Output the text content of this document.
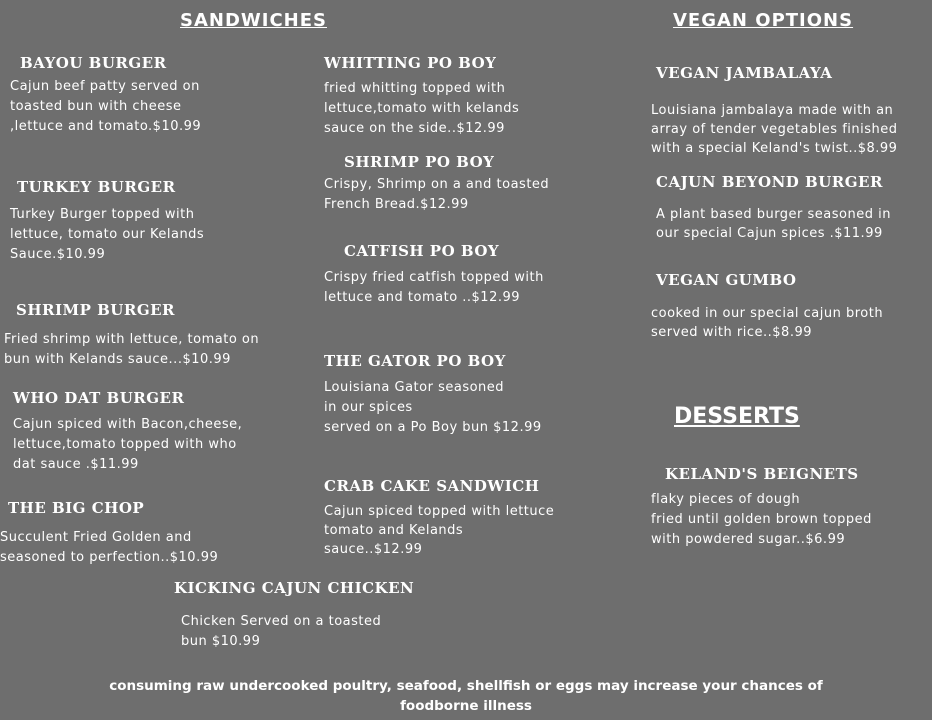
SANDWICHES	VEGAN OPTIONS
DESSERTS
BAYOU BURGER
Cajun beef patty served on
toasted bun with cheese
,lettuce and tomato.$10.99
TURKEY BURGER
Turkey Burger topped with
lettuce, tomato our Kelands
Sauce.$10.99
SHRIMP BURGER
Fried shrimp with lettuce, tomato on
bun with Kelands sauce...$10.99
WHO DAT BURGER
Cajun spiced with Bacon,cheese,
lettuce,tomato topped with who
dat sauce .$11.99
THE BIG CHOP
Succulent Fried Golden and
seasoned to perfection..$10.99
WHITTING PO BOY
fried whitting topped with
lettuce,tomato with kelands
sauce on the side..$12.99
SHRIMP PO BOY
Crispy, Shrimp on a and toasted
French Bread.$12.99
CATFISH PO BOY
Crispy fried catfish topped with
lettuce and tomato ..$12.99
THE GATOR PO BOY
Louisiana Gator seasoned
in our spices
served on a Po Boy bun $12.99
CRAB CAKE SANDWICH
Cajun spiced topped with lettuce
tomato and Kelands
sauce..$12.99
KICKING CAJUN CHICKEN
Chicken Served on a toasted
bun $10.99
VEGAN JAMBALAYA
Louisiana jambalaya made with an
array of tender vegetables finished
with a special Keland's twist..$8.99
CAJUN BEYOND BURGER
A plant based burger seasoned in
our special Cajun spices .$11.99
VEGAN GUMBO
cooked in our special cajun broth
served with rice..$8.99
KELAND'S BEIGNETS
flaky pieces of dough
fried until golden brown topped
with powdered sugar..$6.99
consuming raw undercooked poultry, seafood, shellfish or eggs may increase your chances of
foodborne illness
